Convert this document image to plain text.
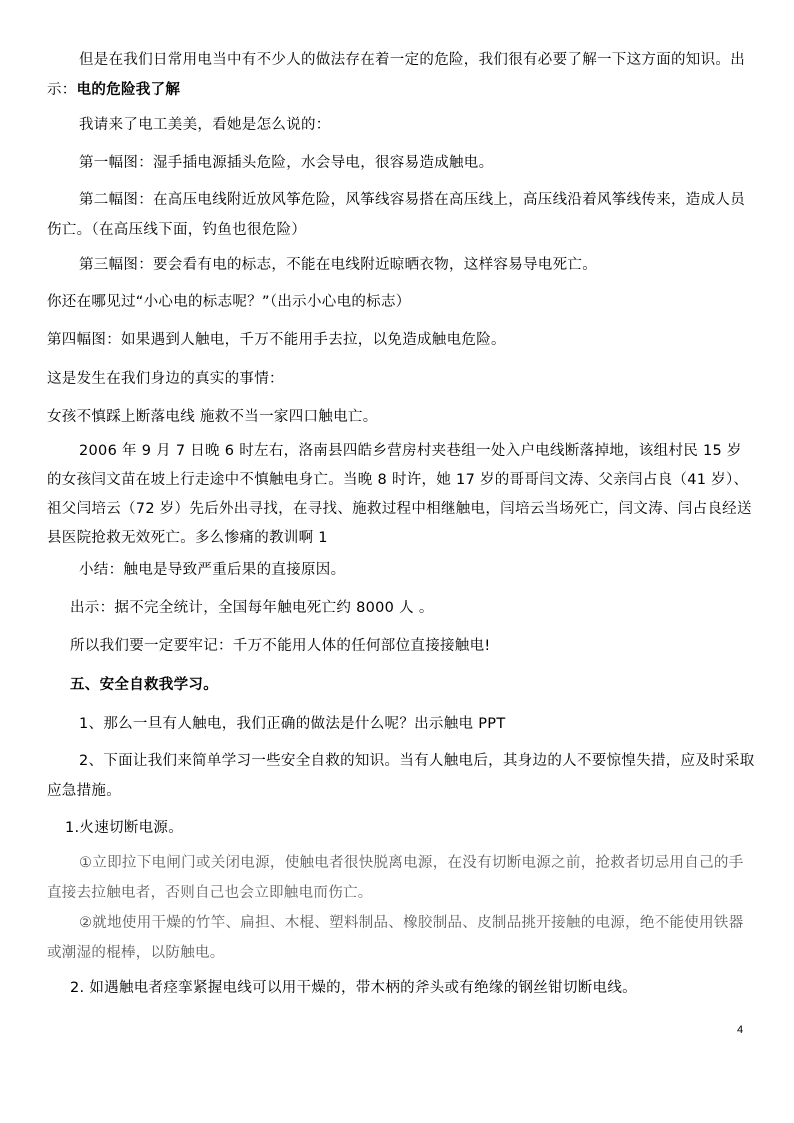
但是在我们日常用电当中有不少人的做法存在着一定的危险，我们很有必要了解一下这方面的知识。出示：电的危险我了解

我请来了电工美美，看她是怎么说的：

第一幅图：湿手插电源插头危险，水会导电，很容易造成触电。

第二幅图：在高压电线附近放风筝危险，风筝线容易搭在高压线上，高压线沿着风筝线传来，造成人员伤亡。（在高压线下面，钓鱼也很危险）

第三幅图：要会看有电的标志，不能在电线附近晾晒衣物，这样容易导电死亡。

你还在哪见过“小心电的标志呢？”（出示小心电的标志）

第四幅图：如果遇到人触电，千万不能用手去拉，以免造成触电危险。

这是发生在我们身边的真实的事情：

女孩不慎踩上断落电线 施救不当一家四口触电亡。

2006 年 9 月 7 日晚 6 时左右，洛南县四皓乡营房村夹巷组一处入户电线断落掉地，该组村民 15 岁的女孩闫文苗在坡上行走途中不慎触电身亡。当晚 8 时许，她 17 岁的哥哥闫文涛、父亲闫占良（41 岁）、祖父闫培云（72 岁）先后外出寻找，在寻找、施救过程中相继触电，闫培云当场死亡，闫文涛、闫占良经送县医院抢救无效死亡。多么惨痛的教训啊 1

小结：触电是导致严重后果的直接原因。

出示：据不完全统计，全国每年触电死亡约 8000 人 。

所以我们要一定要牢记：千万不能用人体的任何部位直接接触电!

五、安全自救我学习。

1、那么一旦有人触电，我们正确的做法是什么呢？出示触电 PPT

2、下面让我们来简单学习一些安全自救的知识。当有人触电后，其身边的人不要惊惶失措，应及时采取应急措施。

1.火速切断电源。

①立即拉下电闸门或关闭电源，使触电者很快脱离电源，在没有切断电源之前，抢救者切忌用自己的手直接去拉触电者，否则自己也会立即触电而伤亡。

②就地使用干燥的竹竿、扁担、木棍、塑料制品、橡胶制品、皮制品挑开接触的电源，绝不能使用铁器或潮湿的棍棒，以防触电。

2. 如遇触电者痉挛紧握电线可以用干燥的，带木柄的斧头或有绝缘的钢丝钳切断电线。

4
